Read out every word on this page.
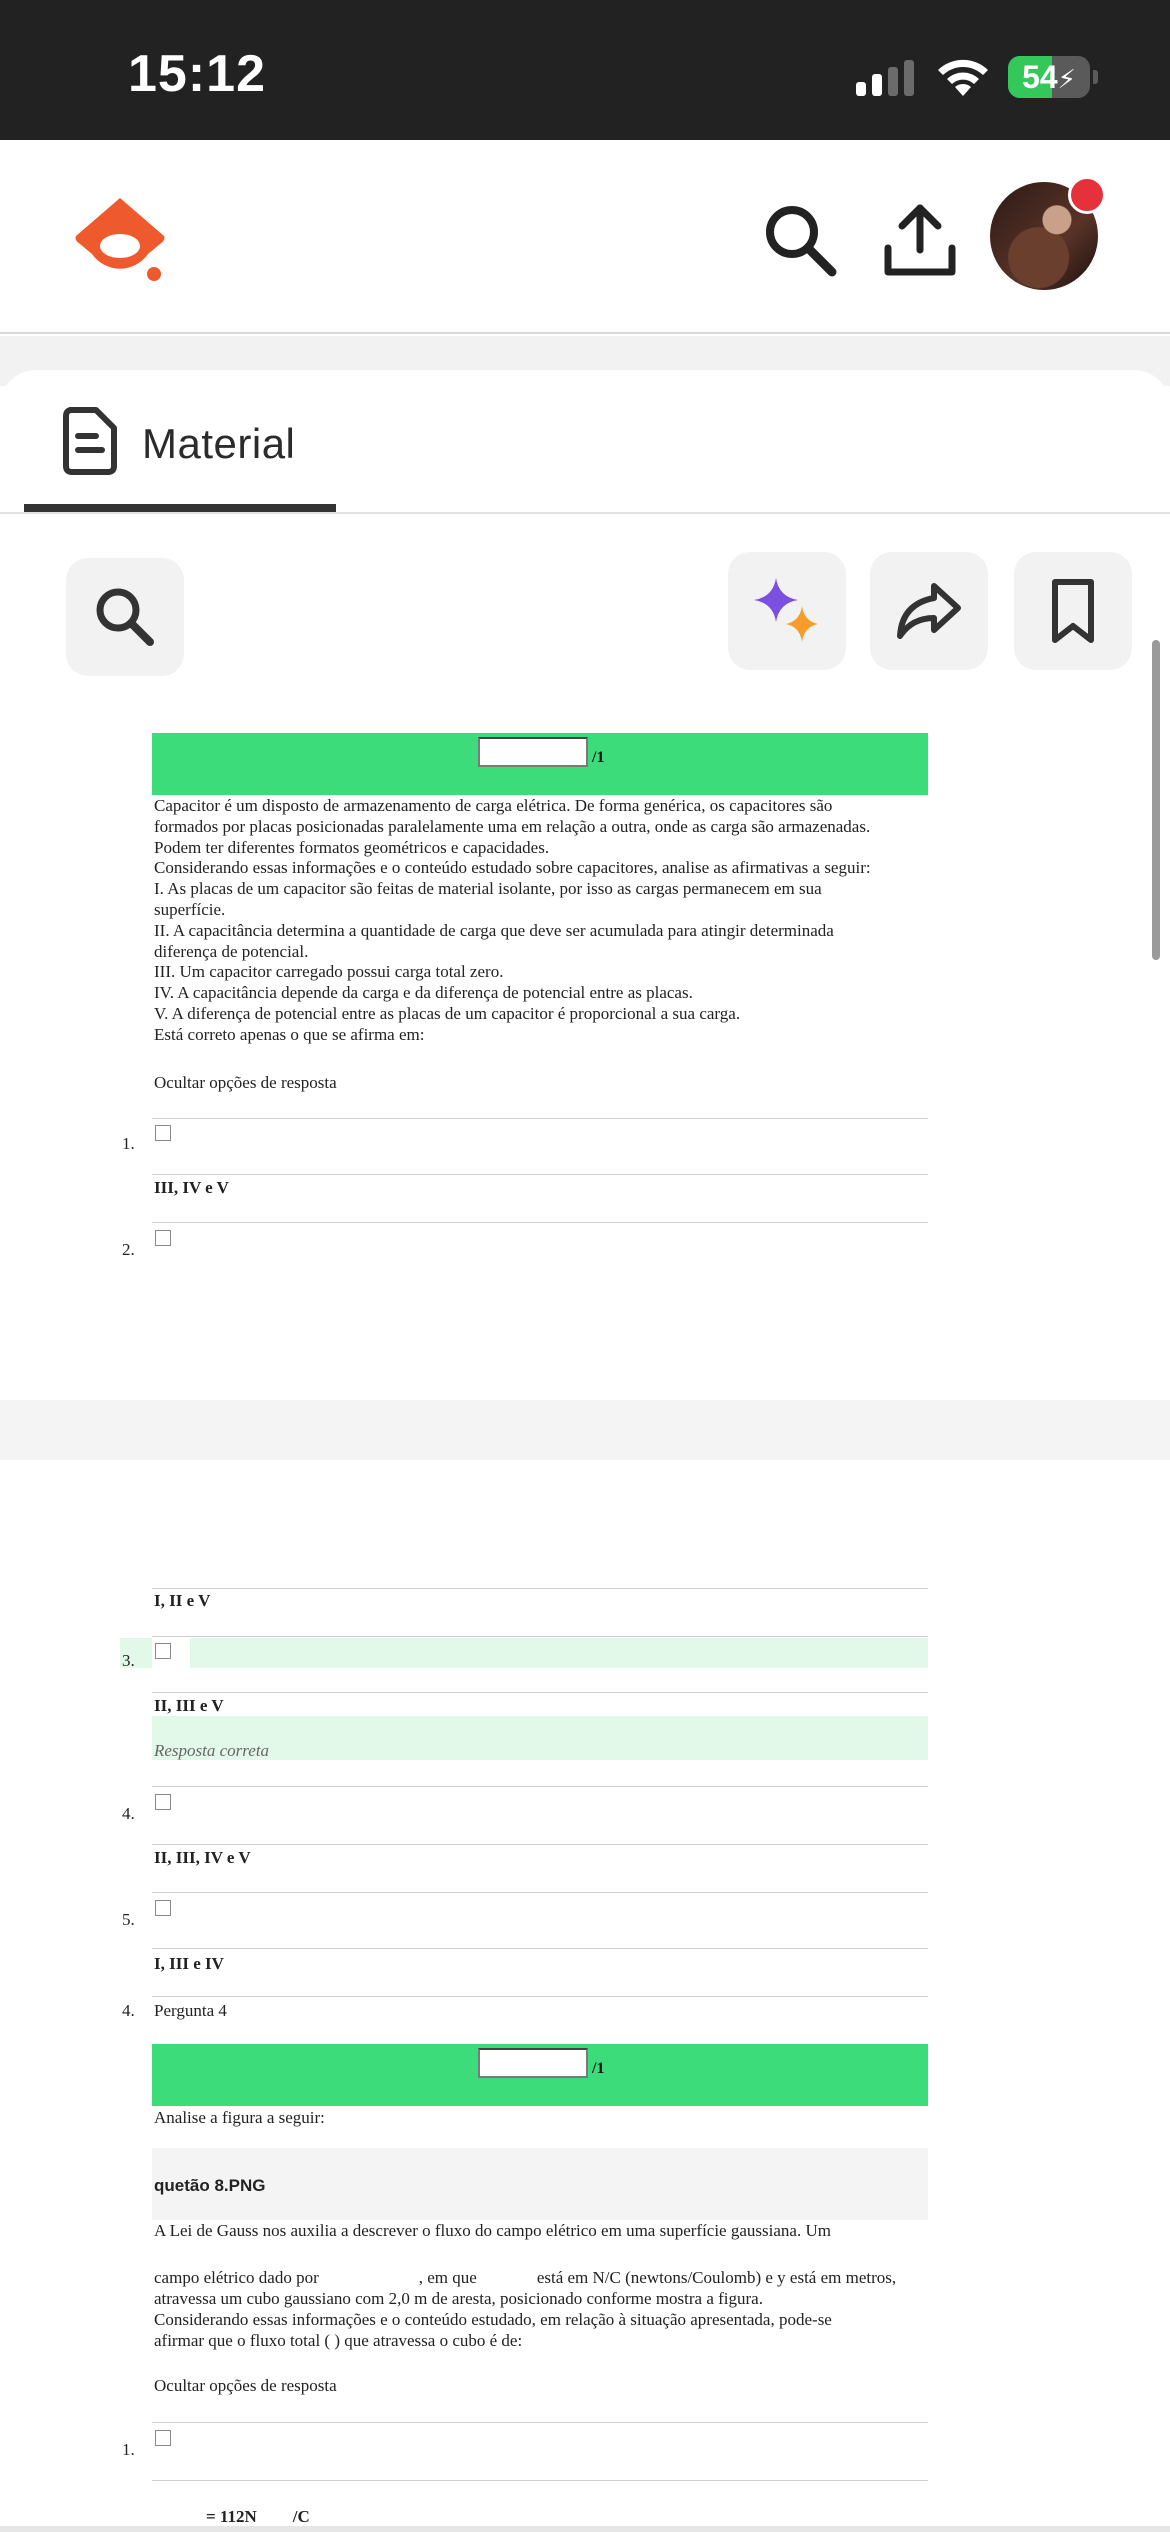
15:12	54⚡
Material
/1
Capacitor é um disposto de armazenamento de carga elétrica. De forma genérica, os capacitores são
formados por placas posicionadas paralelamente uma em relação a outra, onde as carga são armazenadas.
Podem ter diferentes formatos geométricos e capacidades.
Considerando essas informações e o conteúdo estudado sobre capacitores, analise as afirmativas a seguir:
I. As placas de um capacitor são feitas de material isolante, por isso as cargas permanecem em sua
superfície.
II. A capacitância determina a quantidade de carga que deve ser acumulada para atingir determinada
diferença de potencial.
III. Um capacitor carregado possui carga total zero.
IV. A capacitância depende da carga e da diferença de potencial entre as placas.
V. A diferença de potencial entre as placas de um capacitor é proporcional a sua carga.
Está correto apenas o que se afirma em:
Ocultar opções de resposta
1.
III, IV e V
2.
I, II e V
3.
II, III e V
Resposta correta
4.
II, III, IV e V
5.
I, III e IV
4. Pergunta 4
/1
Analise a figura a seguir:
quetão 8.PNG
A Lei de Gauss nos auxilia a descrever o fluxo do campo elétrico em uma superfície gaussiana. Um
campo elétrico dado por	, em que	está em N/C (newtons/Coulomb) e y está em metros,
atravessa um cubo gaussiano com 2,0 m de aresta, posicionado conforme mostra a figura.
Considerando essas informações e o conteúdo estudado, em relação à situação apresentada, pode-se
afirmar que o fluxo total ( ) que atravessa o cubo é de:
Ocultar opções de resposta
1.
= 112N /C
